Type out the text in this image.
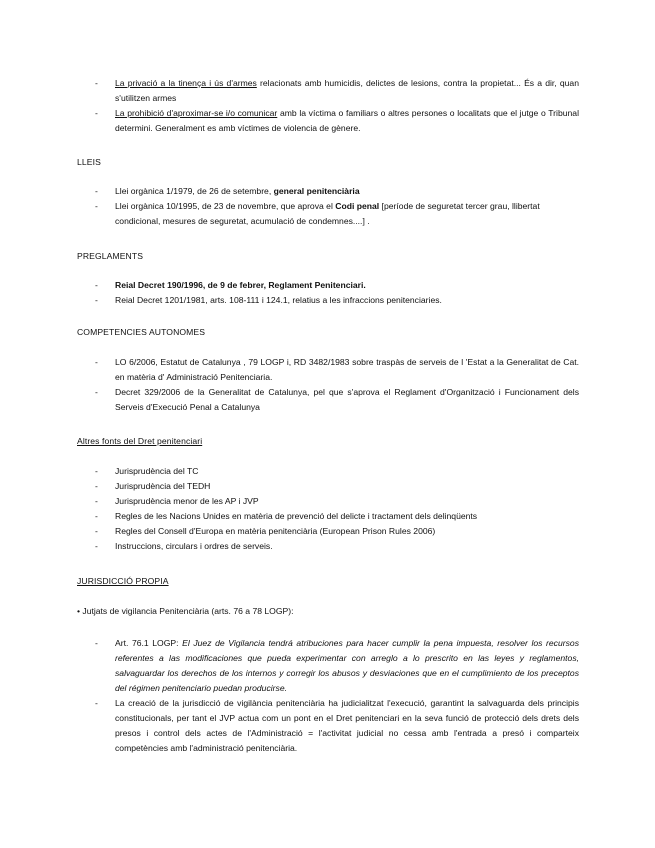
- La privació a la tinença i ús d'armes relacionats amb humicidis, delictes de lesions, contra la propietat... És a dir, quan s'utilitzen armes
- La prohibició d'aproximar-se i/o comunicar amb la víctima o familiars o altres persones o localitats que el jutge o Tribunal determini. Generalment es amb víctimes de violencia de gènere.
LLEIS
- Llei orgànica 1/1979, de 26 de setembre, general penitenciària
- Llei orgànica 10/1995, de 23 de novembre, que aprova el Codi penal [període de seguretat tercer grau, llibertat condicional, mesures de seguretat, acumulació de condemnes....] .
PREGLAMENTS
- Reial Decret 190/1996, de 9 de febrer, Reglament Penitenciari.
- Reial Decret 1201/1981, arts. 108-111 i 124.1, relatius a les infraccions penitenciaries.
COMPETENCIES AUTONOMES
- LO 6/2006, Estatut de Catalunya , 79 LOGP i, RD 3482/1983 sobre traspàs de serveis de l 'Estat a la Generalitat de Cat. en matèria d' Administració Penitenciaria.
- Decret 329/2006 de la Generalitat de Catalunya, pel que s'aprova el Reglament d'Organització i Funcionament dels Serveis d'Execució Penal a Catalunya
Altres fonts del Dret penitenciari
- Jurisprudència del TC
- Jurisprudència del TEDH
- Jurisprudència menor de les AP i JVP
- Regles de les Nacions Unides en matèria de prevenció del delicte i tractament dels delinqüents
- Regles del Consell d'Europa en matèria penitenciària (European Prison Rules 2006)
- Instruccions, circulars i ordres de serveis.
JURISDICCIÓ PROPIA
• Jutjats de vigilancia Penitenciària (arts. 76 a 78 LOGP):
- Art. 76.1 LOGP: El Juez de Vigilancia tendrá atribuciones para hacer cumplir la pena impuesta, resolver los recursos referentes a las modificaciones que pueda experimentar con arreglo a lo prescrito en las leyes y reglamentos, salvaguardar los derechos de los internos y corregir los abusos y desviaciones que en el cumplimiento de los preceptos del régimen penitenciario puedan producirse.
- La creació de la jurisdicció de vigilància penitenciària ha judicialitzat l'execució, garantint la salvaguarda dels principis constitucionals, per tant el JVP actua com un pont en el Dret penitenciari en la seva funció de protecció dels drets dels presos i control dels actes de l'Administració = l'activitat judicial no cessa amb l'entrada a presó i comparteix competències amb l'administració penitenciària.
